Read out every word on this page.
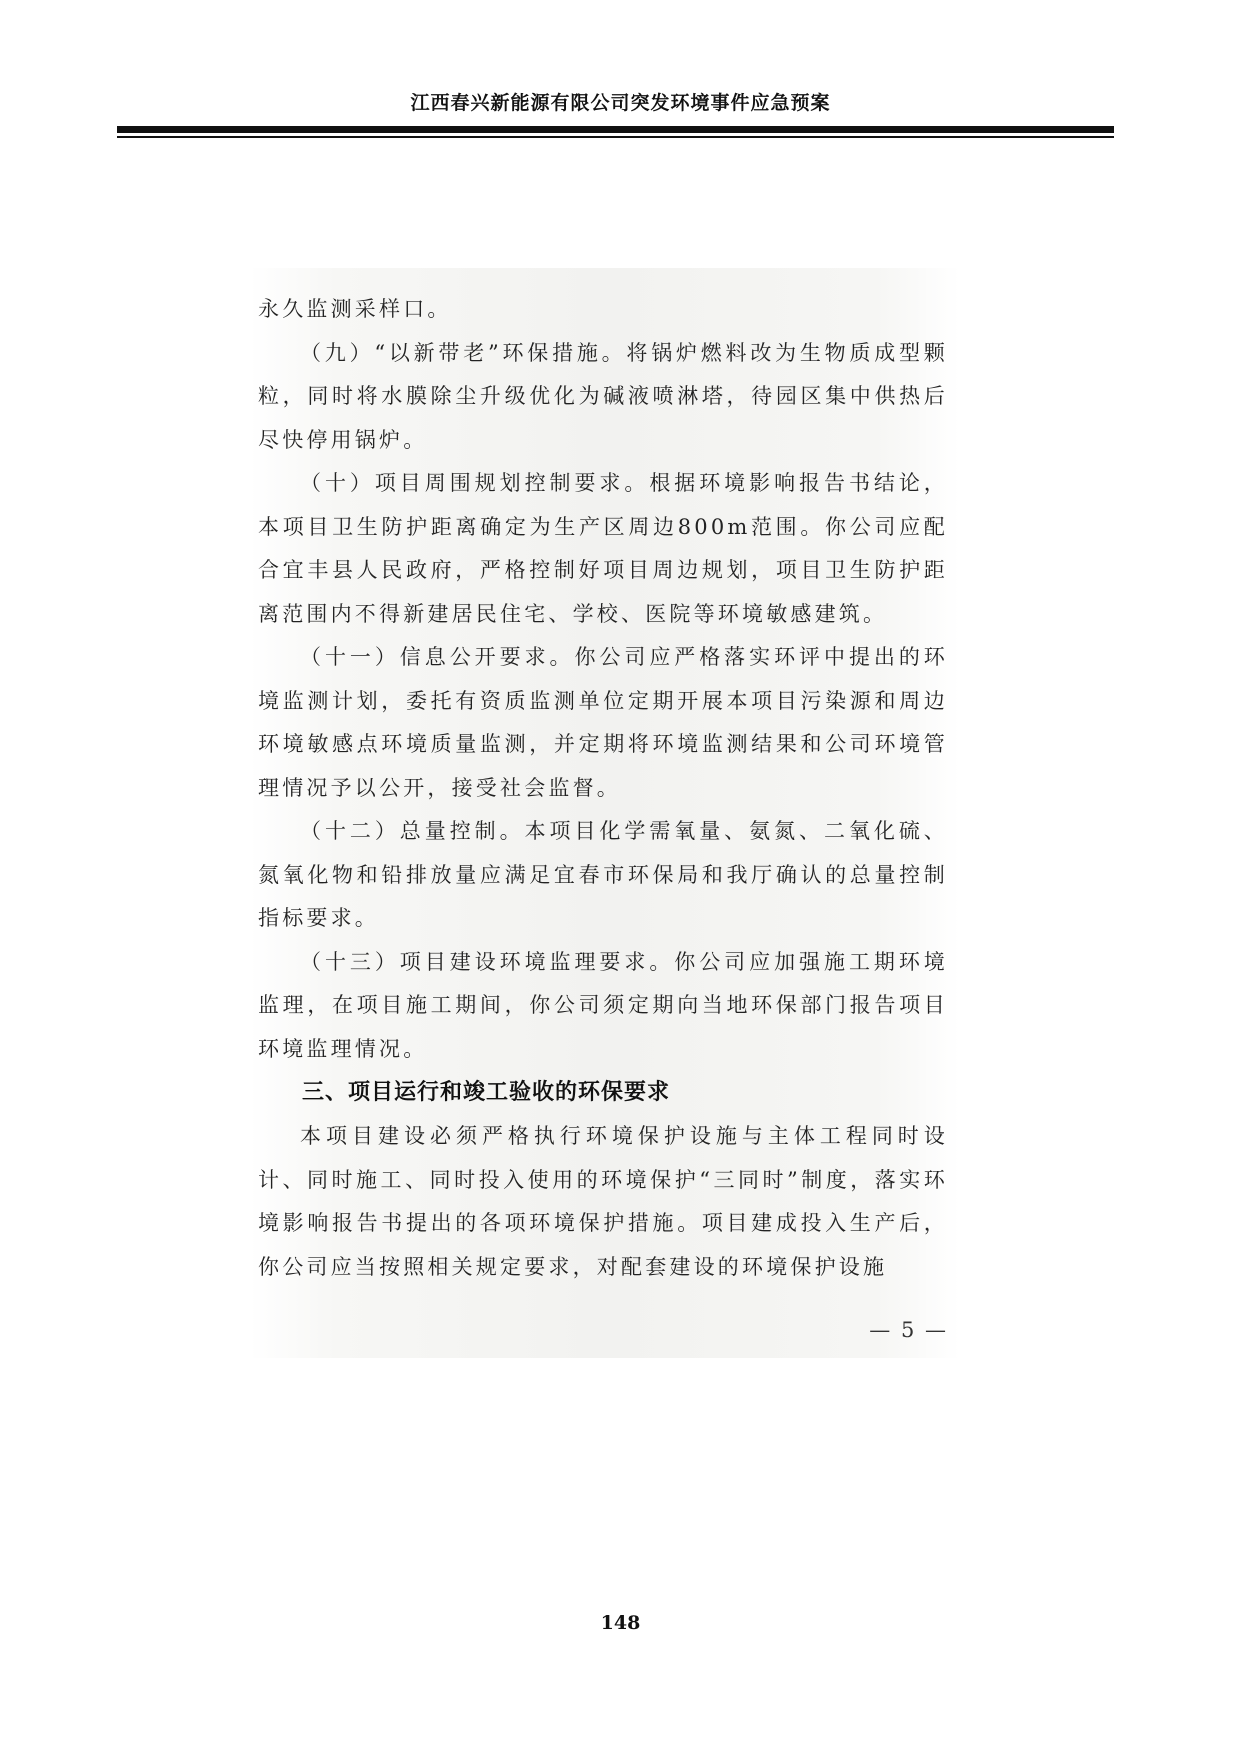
江西春兴新能源有限公司突发环境事件应急预案

永久监测采样口。

（九）“以新带老”环保措施。将锅炉燃料改为生物质成型颗粒，同时将水膜除尘升级优化为碱液喷淋塔，待园区集中供热后尽快停用锅炉。

（十）项目周围规划控制要求。根据环境影响报告书结论，本项目卫生防护距离确定为生产区周边800m范围。你公司应配合宜丰县人民政府，严格控制好项目周边规划，项目卫生防护距离范围内不得新建居民住宅、学校、医院等环境敏感建筑。

（十一）信息公开要求。你公司应严格落实环评中提出的环境监测计划，委托有资质监测单位定期开展本项目污染源和周边环境敏感点环境质量监测，并定期将环境监测结果和公司环境管理情况予以公开，接受社会监督。

（十二）总量控制。本项目化学需氧量、氨氮、二氧化硫、氮氧化物和铅排放量应满足宜春市环保局和我厅确认的总量控制指标要求。

（十三）项目建设环境监理要求。你公司应加强施工期环境监理，在项目施工期间，你公司须定期向当地环保部门报告项目环境监理情况。

三、项目运行和竣工验收的环保要求

本项目建设必须严格执行环境保护设施与主体工程同时设计、同时施工、同时投入使用的环境保护“三同时”制度，落实环境影响报告书提出的各项环境保护措施。项目建成投入生产后，你公司应当按照相关规定要求，对配套建设的环境保护设施

— 5 —
148
